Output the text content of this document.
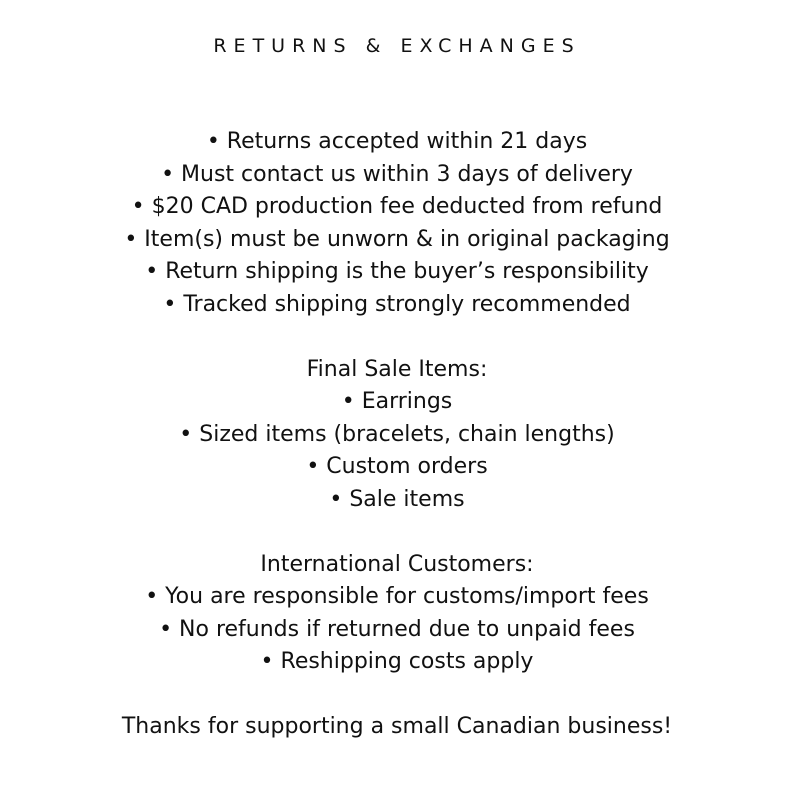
RETURNS & EXCHANGES
• Returns accepted within 21 days
• Must contact us within 3 days of delivery
• $20 CAD production fee deducted from refund
• Item(s) must be unworn & in original packaging
• Return shipping is the buyer’s responsibility
• Tracked shipping strongly recommended
Final Sale Items:
• Earrings
• Sized items (bracelets, chain lengths)
• Custom orders
• Sale items
International Customers:
• You are responsible for customs/import fees
• No refunds if returned due to unpaid fees
• Reshipping costs apply
Thanks for supporting a small Canadian business!
